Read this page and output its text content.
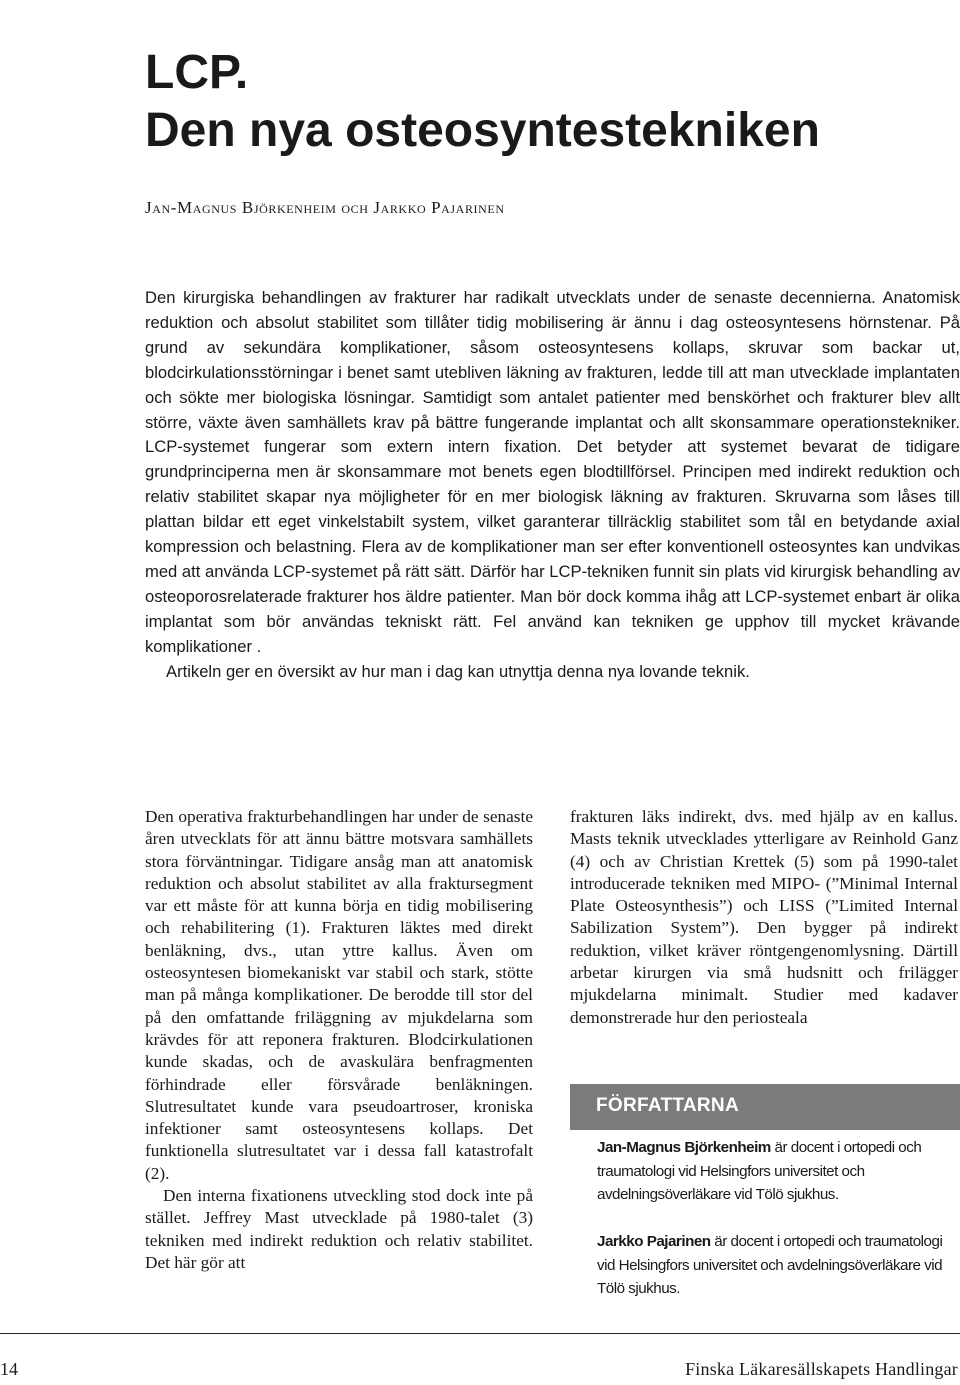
LCP.
Den nya osteosyntestekniken
Jan-Magnus Björkenheim och Jarkko Pajarinen

Den kirurgiska behandlingen av frakturer har radikalt utvecklats under de senaste decennierna. Anatomisk reduktion och absolut stabilitet som tillåter tidig mobilisering är ännu i dag osteosyntesens hörnstenar. På grund av sekundära komplikationer, såsom osteosyntesens kollaps, skruvar som backar ut, blodcirkulationsstörningar i benet samt utebliven läkning av frakturen, ledde till att man utvecklade implantaten och sökte mer biologiska lösningar. Samtidigt som antalet patienter med benskörhet och frakturer blev allt större, växte även samhällets krav på bättre fungerande implantat och allt skonsammare operationstekniker. LCP-systemet fungerar som extern intern fixation. Det betyder att systemet bevarat de tidigare grundprinciperna men är skonsammare mot benets egen blodtillförsel. Principen med indirekt reduktion och relativ stabilitet skapar nya möjligheter för en mer biologisk läkning av frakturen. Skruvarna som låses till plattan bildar ett eget vinkelstabilt system, vilket garanterar tillräcklig stabilitet som tål en betydande axial kompression och belastning. Flera av de komplikationer man ser efter konventionell osteosyntes kan undvikas med att använda LCP-systemet på rätt sätt. Därför har LCP-tekniken funnit sin plats vid kirurgisk behandling av osteoporosrelaterade frakturer hos äldre patienter. Man bör dock komma ihåg att LCP-systemet enbart är olika implantat som bör användas tekniskt rätt. Fel använd kan tekniken ge upphov till mycket krävande komplikationer .

Artikeln ger en översikt av hur man i dag kan utnyttja denna nya lovande teknik.

Den operativa frakturbehandlingen har under de senaste åren utvecklats för att ännu bättre motsvara samhällets stora förväntningar. Tidigare ansåg man att anatomisk reduktion och absolut stabilitet av alla fraktursegment var ett måste för att kunna börja en tidig mobilisering och rehabilitering (1). Frakturen läktes med direkt benläkning, dvs., utan yttre kallus. Även om osteosyntesen biomekaniskt var stabil och stark, stötte man på många komplikationer. De berodde till stor del på den omfattande friläggning av mjukdelarna som krävdes för att reponera frakturen. Blodcirkulationen kunde skadas, och de avaskulära benfragmenten förhindrade eller försvårade benläkningen. Slutresultatet kunde vara pseudoartroser, kroniska infektioner samt osteosyntesens kollaps. Det funktionella slutresultatet var i dessa fall katastrofalt (2).

Den interna fixationens utveckling stod dock inte på stället. Jeffrey Mast utvecklade på 1980-talet (3) tekniken med indirekt reduktion och relativ stabilitet. Det här gör att

frakturen läks indirekt, dvs. med hjälp av en kallus. Masts teknik utvecklades ytterligare av Reinhold Ganz (4) och av Christian Krettek (5) som på 1990-talet introducerade tekniken med MIPO- (”Minimal Internal Plate Osteosynthesis”) och LISS (”Limited Internal Sabilization System”). Den bygger på indirekt reduktion, vilket kräver röntgengenomlysning. Därtill arbetar kirurgen via små hudsnitt och frilägger mjukdelarna minimalt. Studier med kadaver demonstrerade hur den periosteala

FÖRFATTARNA
Jan-Magnus Björkenheim är docent i ortopedi och traumatologi vid Helsingfors universitet och avdelningsöverläkare vid Tölö sjukhus.
Jarkko Pajarinen är docent i ortopedi och traumatologi vid Helsingfors universitet och avdelningsöverläkare vid Tölö sjukhus.
14	Finska Läkaresällskapets Handlingar
